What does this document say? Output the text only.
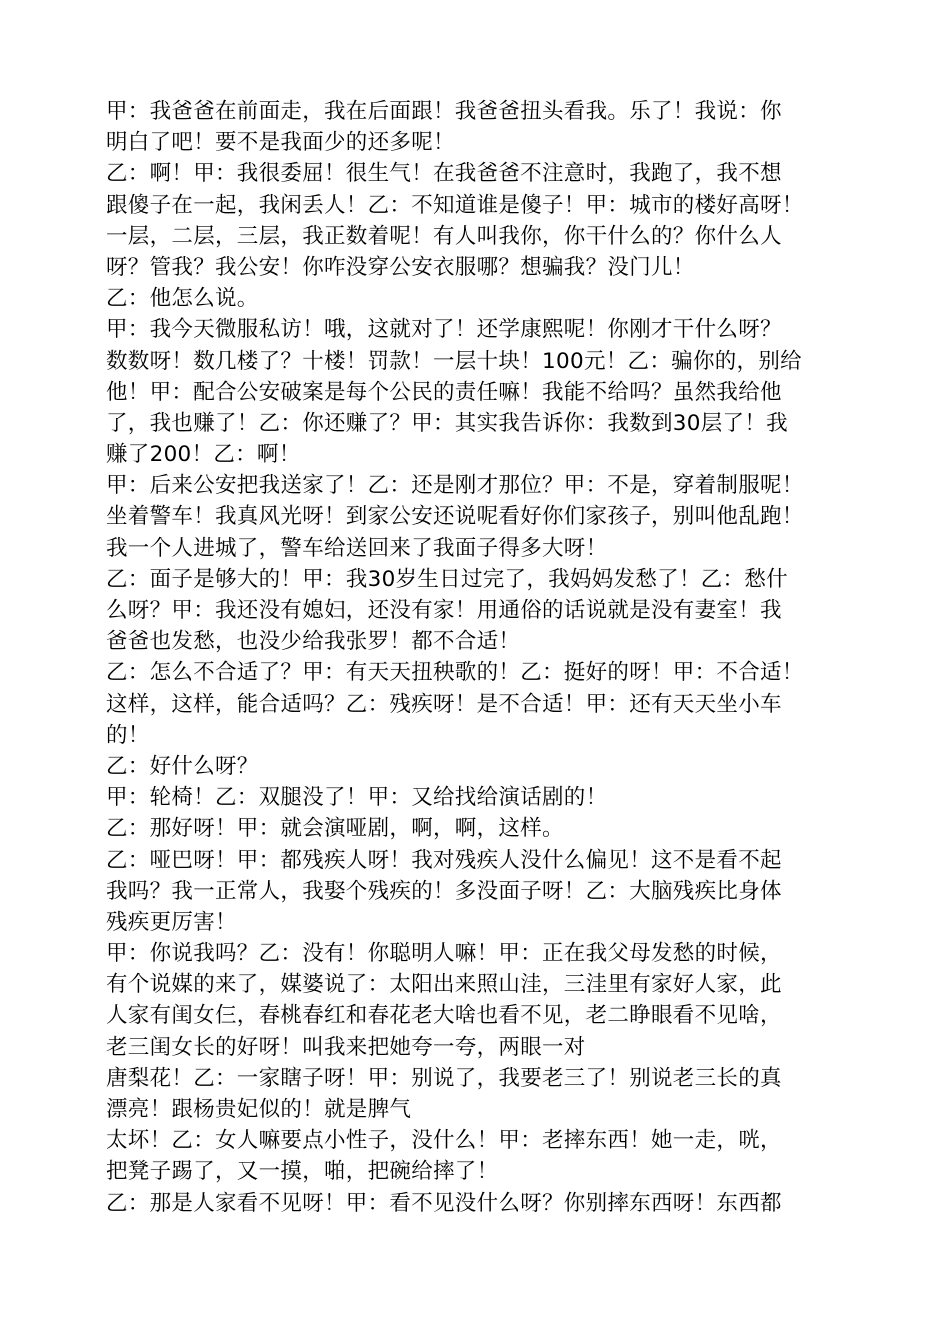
甲：我爸爸在前面走，我在后面跟！我爸爸扭头看我。乐了！我说：你
明白了吧！要不是我面少的还多呢！
乙：啊！甲：我很委屈！很生气！在我爸爸不注意时，我跑了，我不想
跟傻子在一起，我闲丢人！乙：不知道谁是傻子！甲：城市的楼好高呀！
一层，二层，三层，我正数着呢！有人叫我你，你干什么的？你什么人
呀？管我？我公安！你咋没穿公安衣服哪？想骗我？没门儿！
乙：他怎么说。
甲：我今天微服私访！哦，这就对了！还学康熙呢！你刚才干什么呀？
数数呀！数几楼了？十楼！罚款！一层十块！100元！乙：骗你的，别给
他！甲：配合公安破案是每个公民的责任嘛！我能不给吗？虽然我给他
了，我也赚了！乙：你还赚了？甲：其实我告诉你：我数到30层了！我
赚了200！乙：啊！
甲：后来公安把我送家了！乙：还是刚才那位？甲：不是，穿着制服呢！
坐着警车！我真风光呀！到家公安还说呢看好你们家孩子，别叫他乱跑！
我一个人进城了，警车给送回来了我面子得多大呀！
乙：面子是够大的！甲：我30岁生日过完了，我妈妈发愁了！乙：愁什
么呀？甲：我还没有媳妇，还没有家！用通俗的话说就是没有妻室！我
爸爸也发愁，也没少给我张罗！都不合适！
乙：怎么不合适了？甲：有天天扭秧歌的！乙：挺好的呀！甲：不合适！
这样，这样，能合适吗？乙：残疾呀！是不合适！甲：还有天天坐小车
的！
乙：好什么呀？
甲：轮椅！乙：双腿没了！甲：又给找给演话剧的！
乙：那好呀！甲：就会演哑剧，啊，啊，这样。
乙：哑巴呀！甲：都残疾人呀！我对残疾人没什么偏见！这不是看不起
我吗？我一正常人，我娶个残疾的！多没面子呀！乙：大脑残疾比身体
残疾更厉害！
甲：你说我吗？乙：没有！你聪明人嘛！甲：正在我父母发愁的时候，
有个说媒的来了，媒婆说了：太阳出来照山洼，三洼里有家好人家，此
人家有闺女仨，春桃春红和春花老大啥也看不见，老二睁眼看不见啥，
老三闺女长的好呀！叫我来把她夸一夸，两眼一对
唐梨花！乙：一家瞎子呀！甲：别说了，我要老三了！别说老三长的真
漂亮！跟杨贵妃似的！就是脾气
太坏！乙：女人嘛要点小性子，没什么！甲：老摔东西！她一走，咣，
把凳子踢了，又一摸，啪，把碗给摔了！
乙：那是人家看不见呀！甲：看不见没什么呀？你别摔东西呀！东西都
